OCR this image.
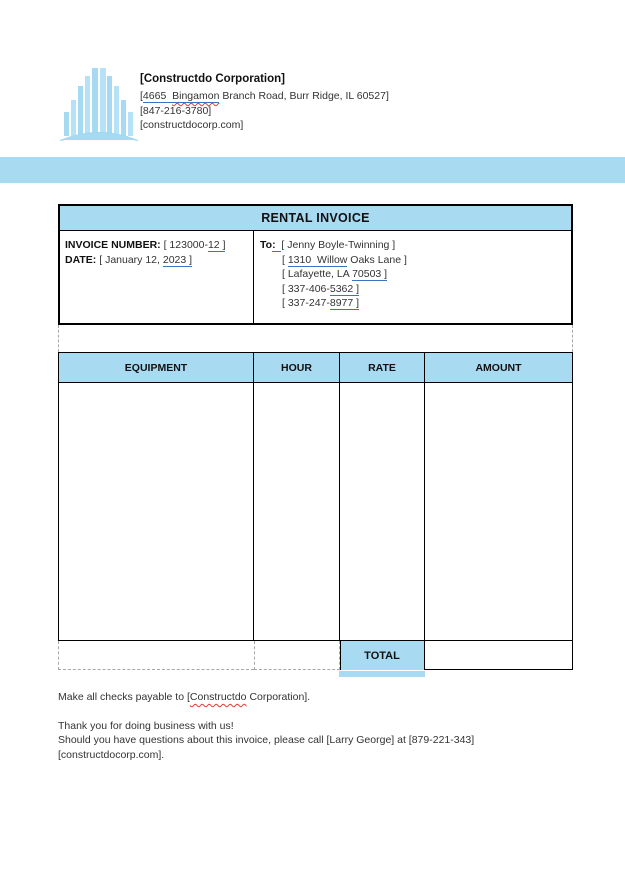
[Constructdo Corporation]
[4665  Bingamon Branch Road, Burr Ridge, IL 60527]
[847-216-3780]
[constructdocorp.com]
RENTAL INVOICE
INVOICE NUMBER: [ 123000-12 ]
DATE: [ January 12, 2023 ]
To:  [ Jenny Boyle-Twinning ]
[ 1310  Willow Oaks Lane ]
[ Lafayette, LA 70503 ]
[ 337-406-5362 ]
[ 337-247-8977 ]
EQUIPMENT	HOUR	RATE	AMOUNT
TOTAL

Make all checks payable to [Constructdo Corporation].

Thank you for doing business with us!

Should you have questions about this invoice, please call [Larry George] at [879-221-343]

[constructdocorp.com].
